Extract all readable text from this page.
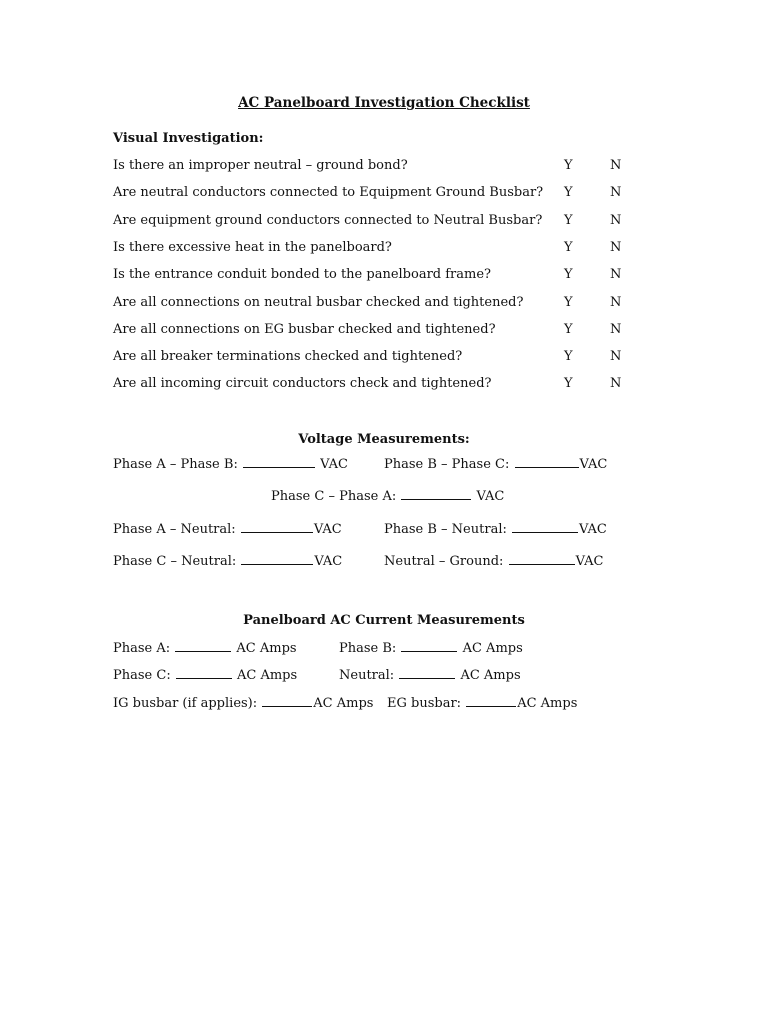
AC Panelboard Investigation Checklist
Visual Investigation:
Is there an improper neutral – ground bond?	Y	N
Are neutral conductors connected to Equipment Ground Busbar? Y	N
Are equipment ground conductors connected to Neutral Busbar? Y	N
Is there excessive heat in the panelboard?	Y	N
Is the entrance conduit bonded to the panelboard frame?	Y	N
Are all connections on neutral busbar checked and tightened?	Y	N
Are all connections on EG busbar checked and tightened?	Y	N
Are all breaker terminations checked and tightened?	Y	N
Are all incoming circuit conductors check and tightened?	Y	N
Voltage Measurements:
Phase A – Phase B:	VAC	Phase B – Phase C:	VAC
Phase C – Phase A:	VAC
Phase A – Neutral:	VAC	Phase B – Neutral:	VAC
Phase C – Neutral:	VAC	Neutral – Ground:	VAC
Panelboard AC Current Measurements
Phase A:	AC Amps	Phase B:	AC Amps
Phase C:	AC Amps	Neutral:	AC Amps
IG busbar (if applies):	AC Amps EG busbar:	AC Amps
